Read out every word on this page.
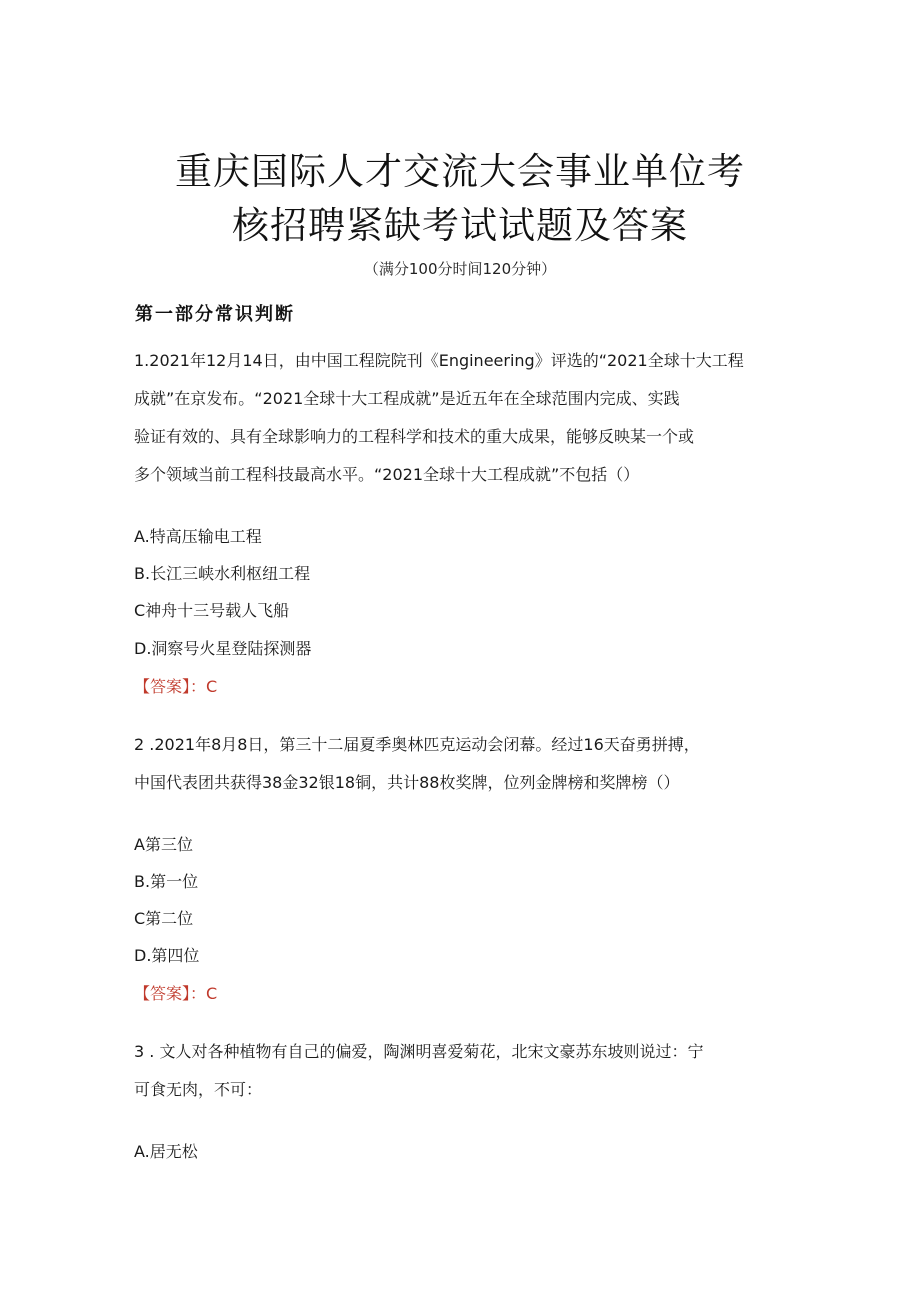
重庆国际人才交流大会事业单位考
核招聘紧缺考试试题及答案
（满分100分时间120分钟）
第一部分常识判断
1.2021年12月14日，由中国工程院院刊《Engineering》评选的“2021全球十大工程
成就”在京发布。“2021全球十大工程成就”是近五年在全球范围内完成、实践
验证有效的、具有全球影响力的工程科学和技术的重大成果，能够反映某一个或
多个领域当前工程科技最高水平。“2021全球十大工程成就”不包括（）
A.特高压输电工程
B.长江三峡水利枢纽工程
C神舟十三号载人飞船
D.洞察号火星登陆探测器
【答案】：C
2 .2021年8月8日，第三十二届夏季奥林匹克运动会闭幕。经过16天奋勇拼搏，
中国代表团共获得38金32银18铜，共计88枚奖牌，位列金牌榜和奖牌榜（）
A第三位
B.第一位
C第二位
D.第四位
【答案】：C
3 . 文人对各种植物有自己的偏爱，陶渊明喜爱菊花，北宋文豪苏东坡则说过：宁
可食无肉，不可：
A.居无松
